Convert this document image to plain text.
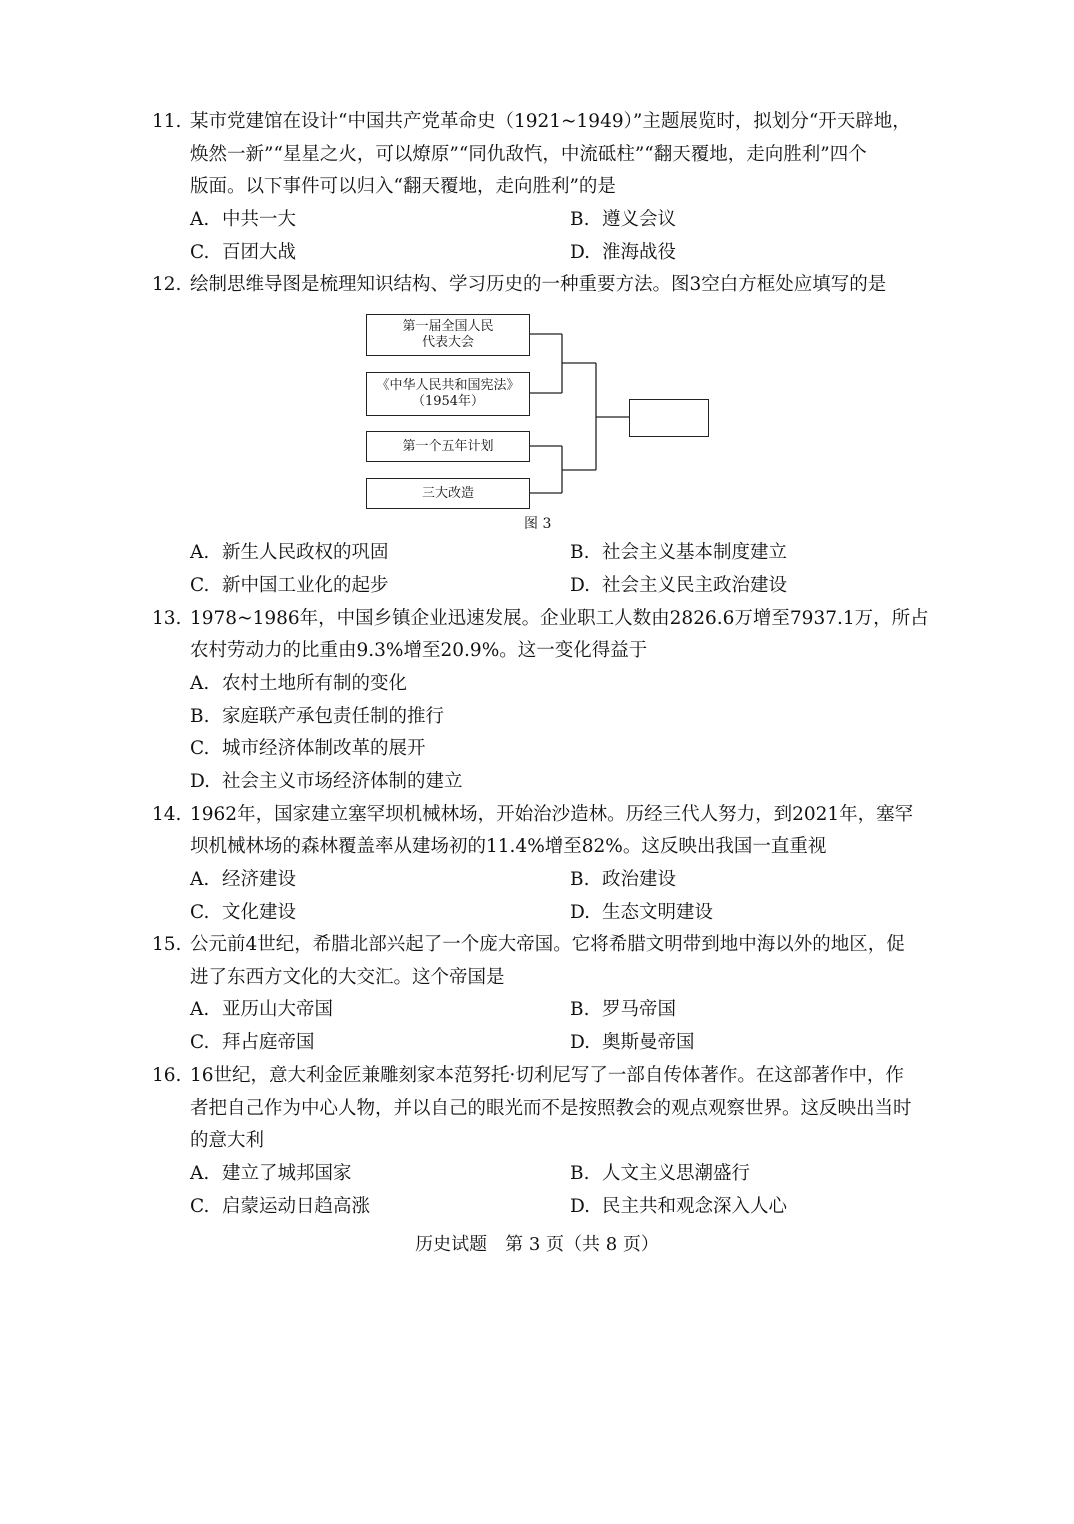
11. 某市党建馆在设计“中国共产党革命史（1921~1949）”主题展览时，拟划分“开天辟地，
焕然一新”“星星之火，可以燎原”“同仇敌忾，中流砥柱”“翻天覆地，走向胜利”四个
版面。以下事件可以归入“翻天覆地，走向胜利”的是
A. 中共一大	B. 遵义会议
C. 百团大战	D. 淮海战役
12. 绘制思维导图是梳理知识结构、学习历史的一种重要方法。图3空白方框处应填写的是
第一届全国人民
代表大会
《中华人民共和国宪法》
（1954年）
第一个五年计划
三大改造
图 3
A. 新生人民政权的巩固	B. 社会主义基本制度建立
C. 新中国工业化的起步	D. 社会主义民主政治建设
13. 1978~1986年，中国乡镇企业迅速发展。企业职工人数由2826.6万增至7937.1万，所占
农村劳动力的比重由9.3%增至20.9%。这一变化得益于
A. 农村土地所有制的变化
B. 家庭联产承包责任制的推行
C. 城市经济体制改革的展开
D. 社会主义市场经济体制的建立
14. 1962年，国家建立塞罕坝机械林场，开始治沙造林。历经三代人努力，到2021年，塞罕
坝机械林场的森林覆盖率从建场初的11.4%增至82%。这反映出我国一直重视
A. 经济建设	B. 政治建设
C. 文化建设	D. 生态文明建设
15. 公元前4世纪，希腊北部兴起了一个庞大帝国。它将希腊文明带到地中海以外的地区，促
进了东西方文化的大交汇。这个帝国是
A. 亚历山大帝国	B. 罗马帝国
C. 拜占庭帝国	D. 奥斯曼帝国
16. 16世纪，意大利金匠兼雕刻家本范努托·切利尼写了一部自传体著作。在这部著作中，作
者把自己作为中心人物，并以自己的眼光而不是按照教会的观点观察世界。这反映出当时
的意大利
A. 建立了城邦国家	B. 人文主义思潮盛行
C. 启蒙运动日趋高涨	D. 民主共和观念深入人心
历史试题　第 3 页（共 8 页）
